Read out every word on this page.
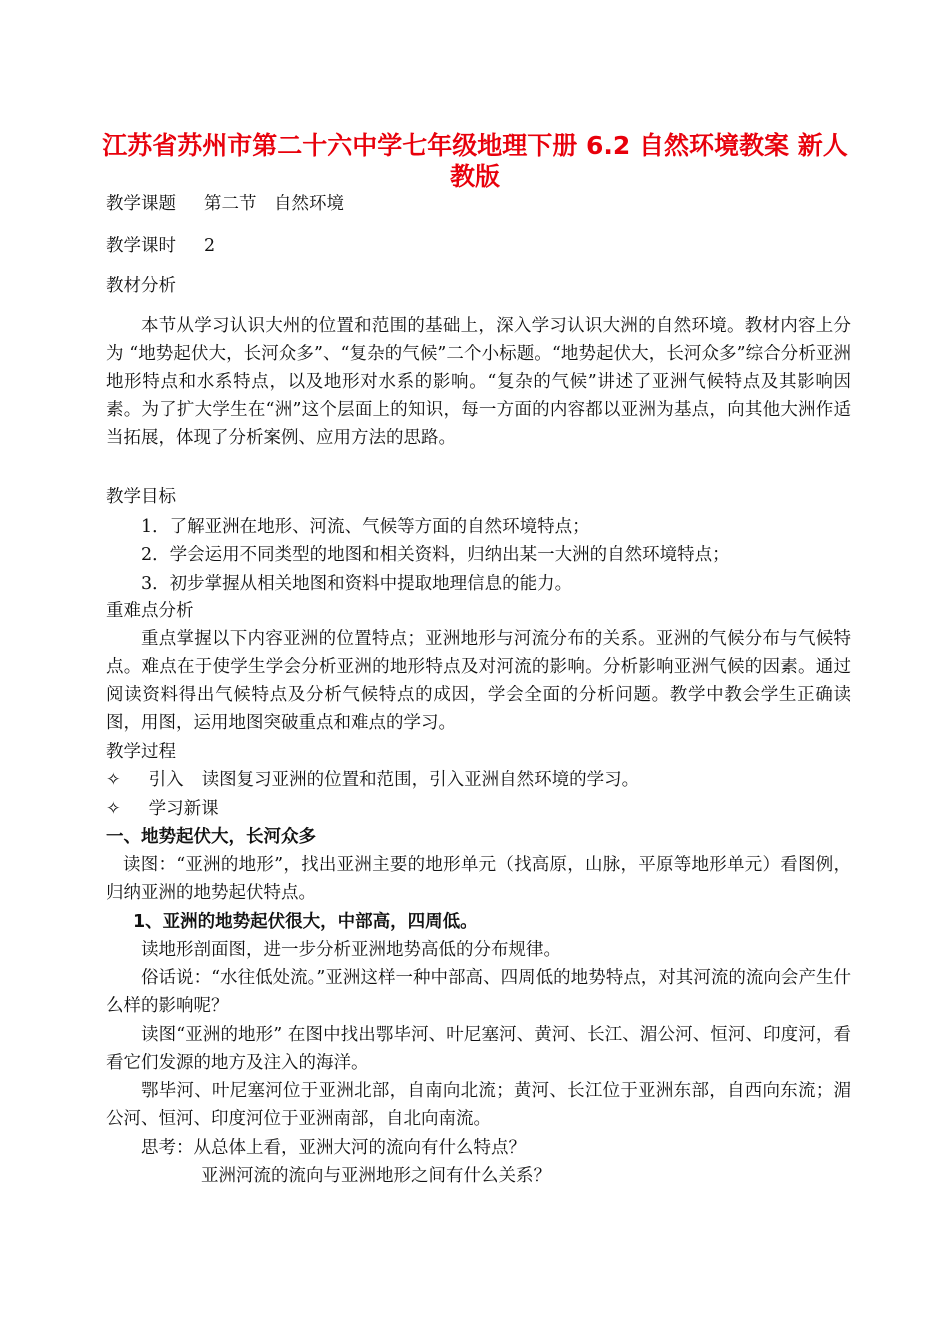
江苏省苏州市第二十六中学七年级地理下册 6.2 自然环境教案 新人教版
教学课题 第二节　自然环境
教学课时 2
教材分析
本节从学习认识大州的位置和范围的基础上，深入学习认识大洲的自然环境。教材内容上分为 “地势起伏大，长河众多”、“复杂的气候”二个小标题。“地势起伏大，长河众多”综合分析亚洲地形特点和水系特点，以及地形对水系的影响。“复杂的气候”讲述了亚洲气候特点及其影响因素。为了扩大学生在“洲”这个层面上的知识，每一方面的内容都以亚洲为基点，向其他大洲作适当拓展，体现了分析案例、应用方法的思路。
教学目标
1．了解亚洲在地形、河流、气候等方面的自然环境特点；
2．学会运用不同类型的地图和相关资料，归纳出某一大洲的自然环境特点；
3．初步掌握从相关地图和资料中提取地理信息的能力。
重难点分析
重点掌握以下内容亚洲的位置特点；亚洲地形与河流分布的关系。亚洲的气候分布与气候特点。难点在于使学生学会分析亚洲的地形特点及对河流的影响。分析影响亚洲气候的因素。通过阅读资料得出气候特点及分析气候特点的成因，学会全面的分析问题。教学中教会学生正确读图，用图，运用地图突破重点和难点的学习。
教学过程
✧ 引入 读图复习亚洲的位置和范围，引入亚洲自然环境的学习。
✧ 学习新课
一、地势起伏大，长河众多
读图：“亚洲的地形”，找出亚洲主要的地形单元（找高原，山脉，平原等地形单元）看图例，归纳亚洲的地势起伏特点。
1、亚洲的地势起伏很大，中部高，四周低。
读地形剖面图，进一步分析亚洲地势高低的分布规律。
俗话说：“水往低处流。”亚洲这样一种中部高、四周低的地势特点，对其河流的流向会产生什么样的影响呢？
读图“亚洲的地形” 在图中找出鄂毕河、叶尼塞河、黄河、长江、湄公河、恒河、印度河，看看它们发源的地方及注入的海洋。
鄂毕河、叶尼塞河位于亚洲北部，自南向北流；黄河、长江位于亚洲东部，自西向东流；湄公河、恒河、印度河位于亚洲南部，自北向南流。
思考：从总体上看，亚洲大河的流向有什么特点？
亚洲河流的流向与亚洲地形之间有什么关系？
